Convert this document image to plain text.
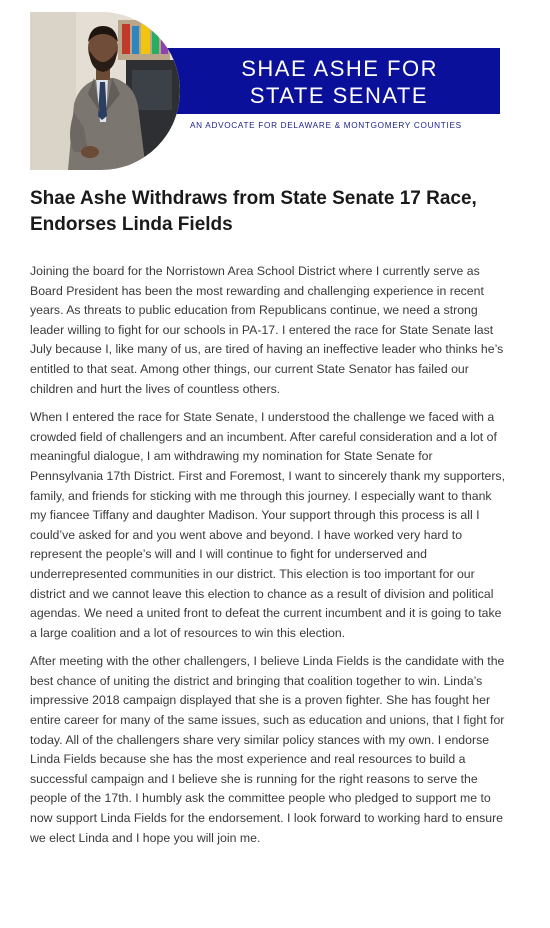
SHAE ASHE FOR
STATE SENATE
AN ADVOCATE FOR DELAWARE & MONTGOMERY COUNTIES
Shae Ashe Withdraws from State Senate 17 Race, Endorses Linda Fields

Joining the board for the Norristown Area School District where I currently serve as Board President has been the most rewarding and challenging experience in recent years. As threats to public education from Republicans continue, we need a strong leader willing to fight for our schools in PA-17. I entered the race for State Senate last July because I, like many of us, are tired of having an ineffective leader who thinks he’s entitled to that seat. Among other things, our current State Senator has failed our children and hurt the lives of countless others.

When I entered the race for State Senate, I understood the challenge we faced with a crowded field of challengers and an incumbent. After careful consideration and a lot of meaningful dialogue, I am withdrawing my nomination for State Senate for Pennsylvania 17th District. First and Foremost, I want to sincerely thank my supporters, family, and friends for sticking with me through this journey. I especially want to thank my fiancee Tiffany and daughter Madison. Your support through this process is all I could’ve asked for and you went above and beyond. I have worked very hard to represent the people’s will and I will continue to fight for underserved and underrepresented communities in our district. This election is too important for our district and we cannot leave this election to chance as a result of division and political agendas. We need a united front to defeat the current incumbent and it is going to take a large coalition and a lot of resources to win this election.

After meeting with the other challengers, I believe Linda Fields is the candidate with the best chance of uniting the district and bringing that coalition together to win. Linda’s impressive 2018 campaign displayed that she is a proven fighter. She has fought her entire career for many of the same issues, such as education and unions, that I fight for today. All of the challengers share very similar policy stances with my own. I endorse Linda Fields because she has the most experience and real resources to build a successful campaign and I believe she is running for the right reasons to serve the people of the 17th. I humbly ask the committee people who pledged to support me to now support Linda Fields for the endorsement. I look forward to working hard to ensure we elect Linda and I hope you will join me.
